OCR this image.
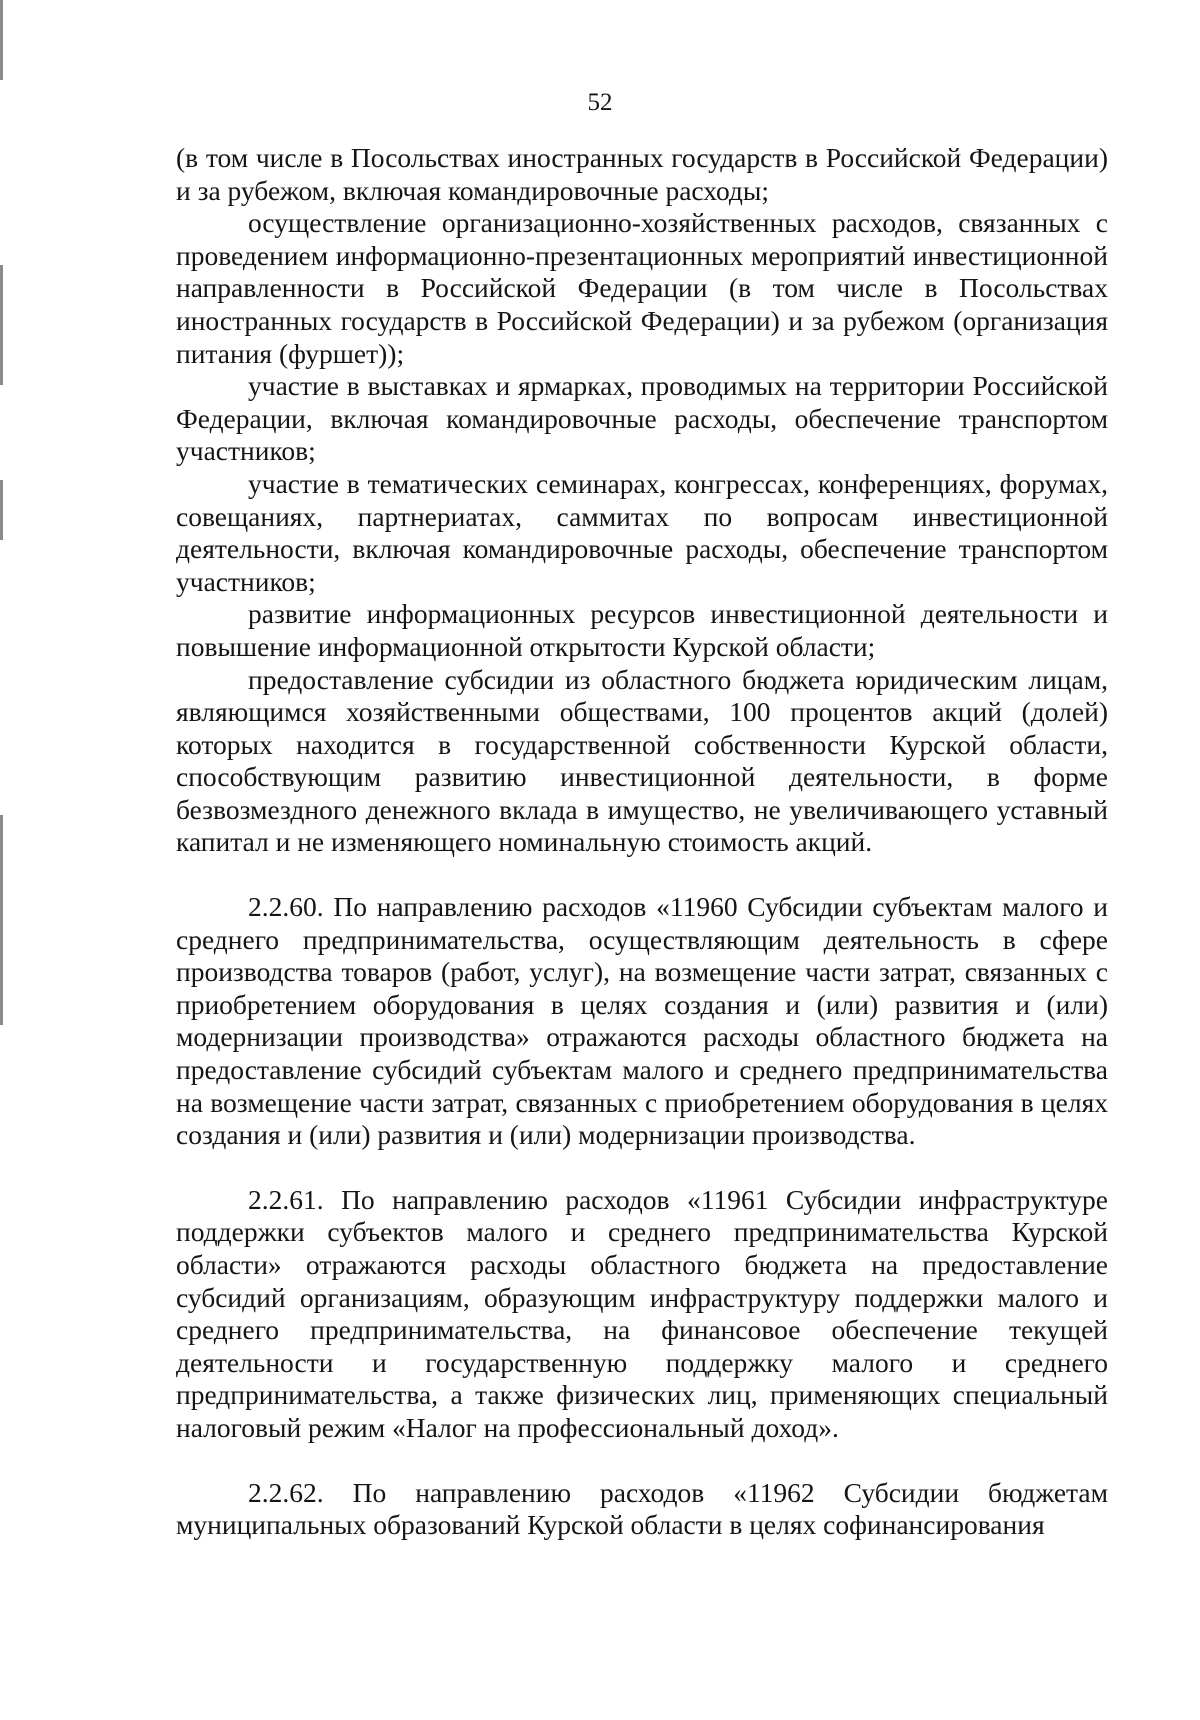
52

(в том числе в Посольствах иностранных государств в Российской Федерации) и за рубежом, включая командировочные расходы;

осуществление организационно-хозяйственных расходов, связанных с проведением информационно-презентационных мероприятий инвестиционной направленности в Российской Федерации (в том числе в Посольствах иностранных государств в Российской Федерации) и за рубежом (организация питания (фуршет));

участие в выставках и ярмарках, проводимых на территории Российской Федерации, включая командировочные расходы, обеспечение транспортом участников;

участие в тематических семинарах, конгрессах, конференциях, форумах, совещаниях, партнериатах, саммитах по вопросам инвестиционной деятельности, включая командировочные расходы, обеспечение транспортом участников;

развитие информационных ресурсов инвестиционной деятельности и повышение информационной открытости Курской области;

предоставление субсидии из областного бюджета юридическим лицам, являющимся хозяйственными обществами, 100 процентов акций (долей) которых находится в государственной собственности Курской области, способствующим развитию инвестиционной деятельности, в форме безвозмездного денежного вклада в имущество, не увеличивающего уставный капитал и не изменяющего номинальную стоимость акций.

2.2.60. По направлению расходов «11960 Субсидии субъектам малого и среднего предпринимательства, осуществляющим деятельность в сфере производства товаров (работ, услуг), на возмещение части затрат, связанных с приобретением оборудования в целях создания и (или) развития и (или) модернизации производства» отражаются расходы областного бюджета на предоставление субсидий субъектам малого и среднего предпринимательства на возмещение части затрат, связанных с приобретением оборудования в целях создания и (или) развития и (или) модернизации производства.

2.2.61. По направлению расходов «11961 Субсидии инфраструктуре поддержки субъектов малого и среднего предпринимательства Курской области» отражаются расходы областного бюджета на предоставление субсидий организациям, образующим инфраструктуру поддержки малого и среднего предпринимательства, на финансовое обеспечение текущей деятельности и государственную поддержку малого и среднего предпринимательства, а также физических лиц, применяющих специальный налоговый режим «Налог на профессиональный доход».

2.2.62. По направлению расходов «11962 Субсидии бюджетам муниципальных образований Курской области в целях софинансирования
